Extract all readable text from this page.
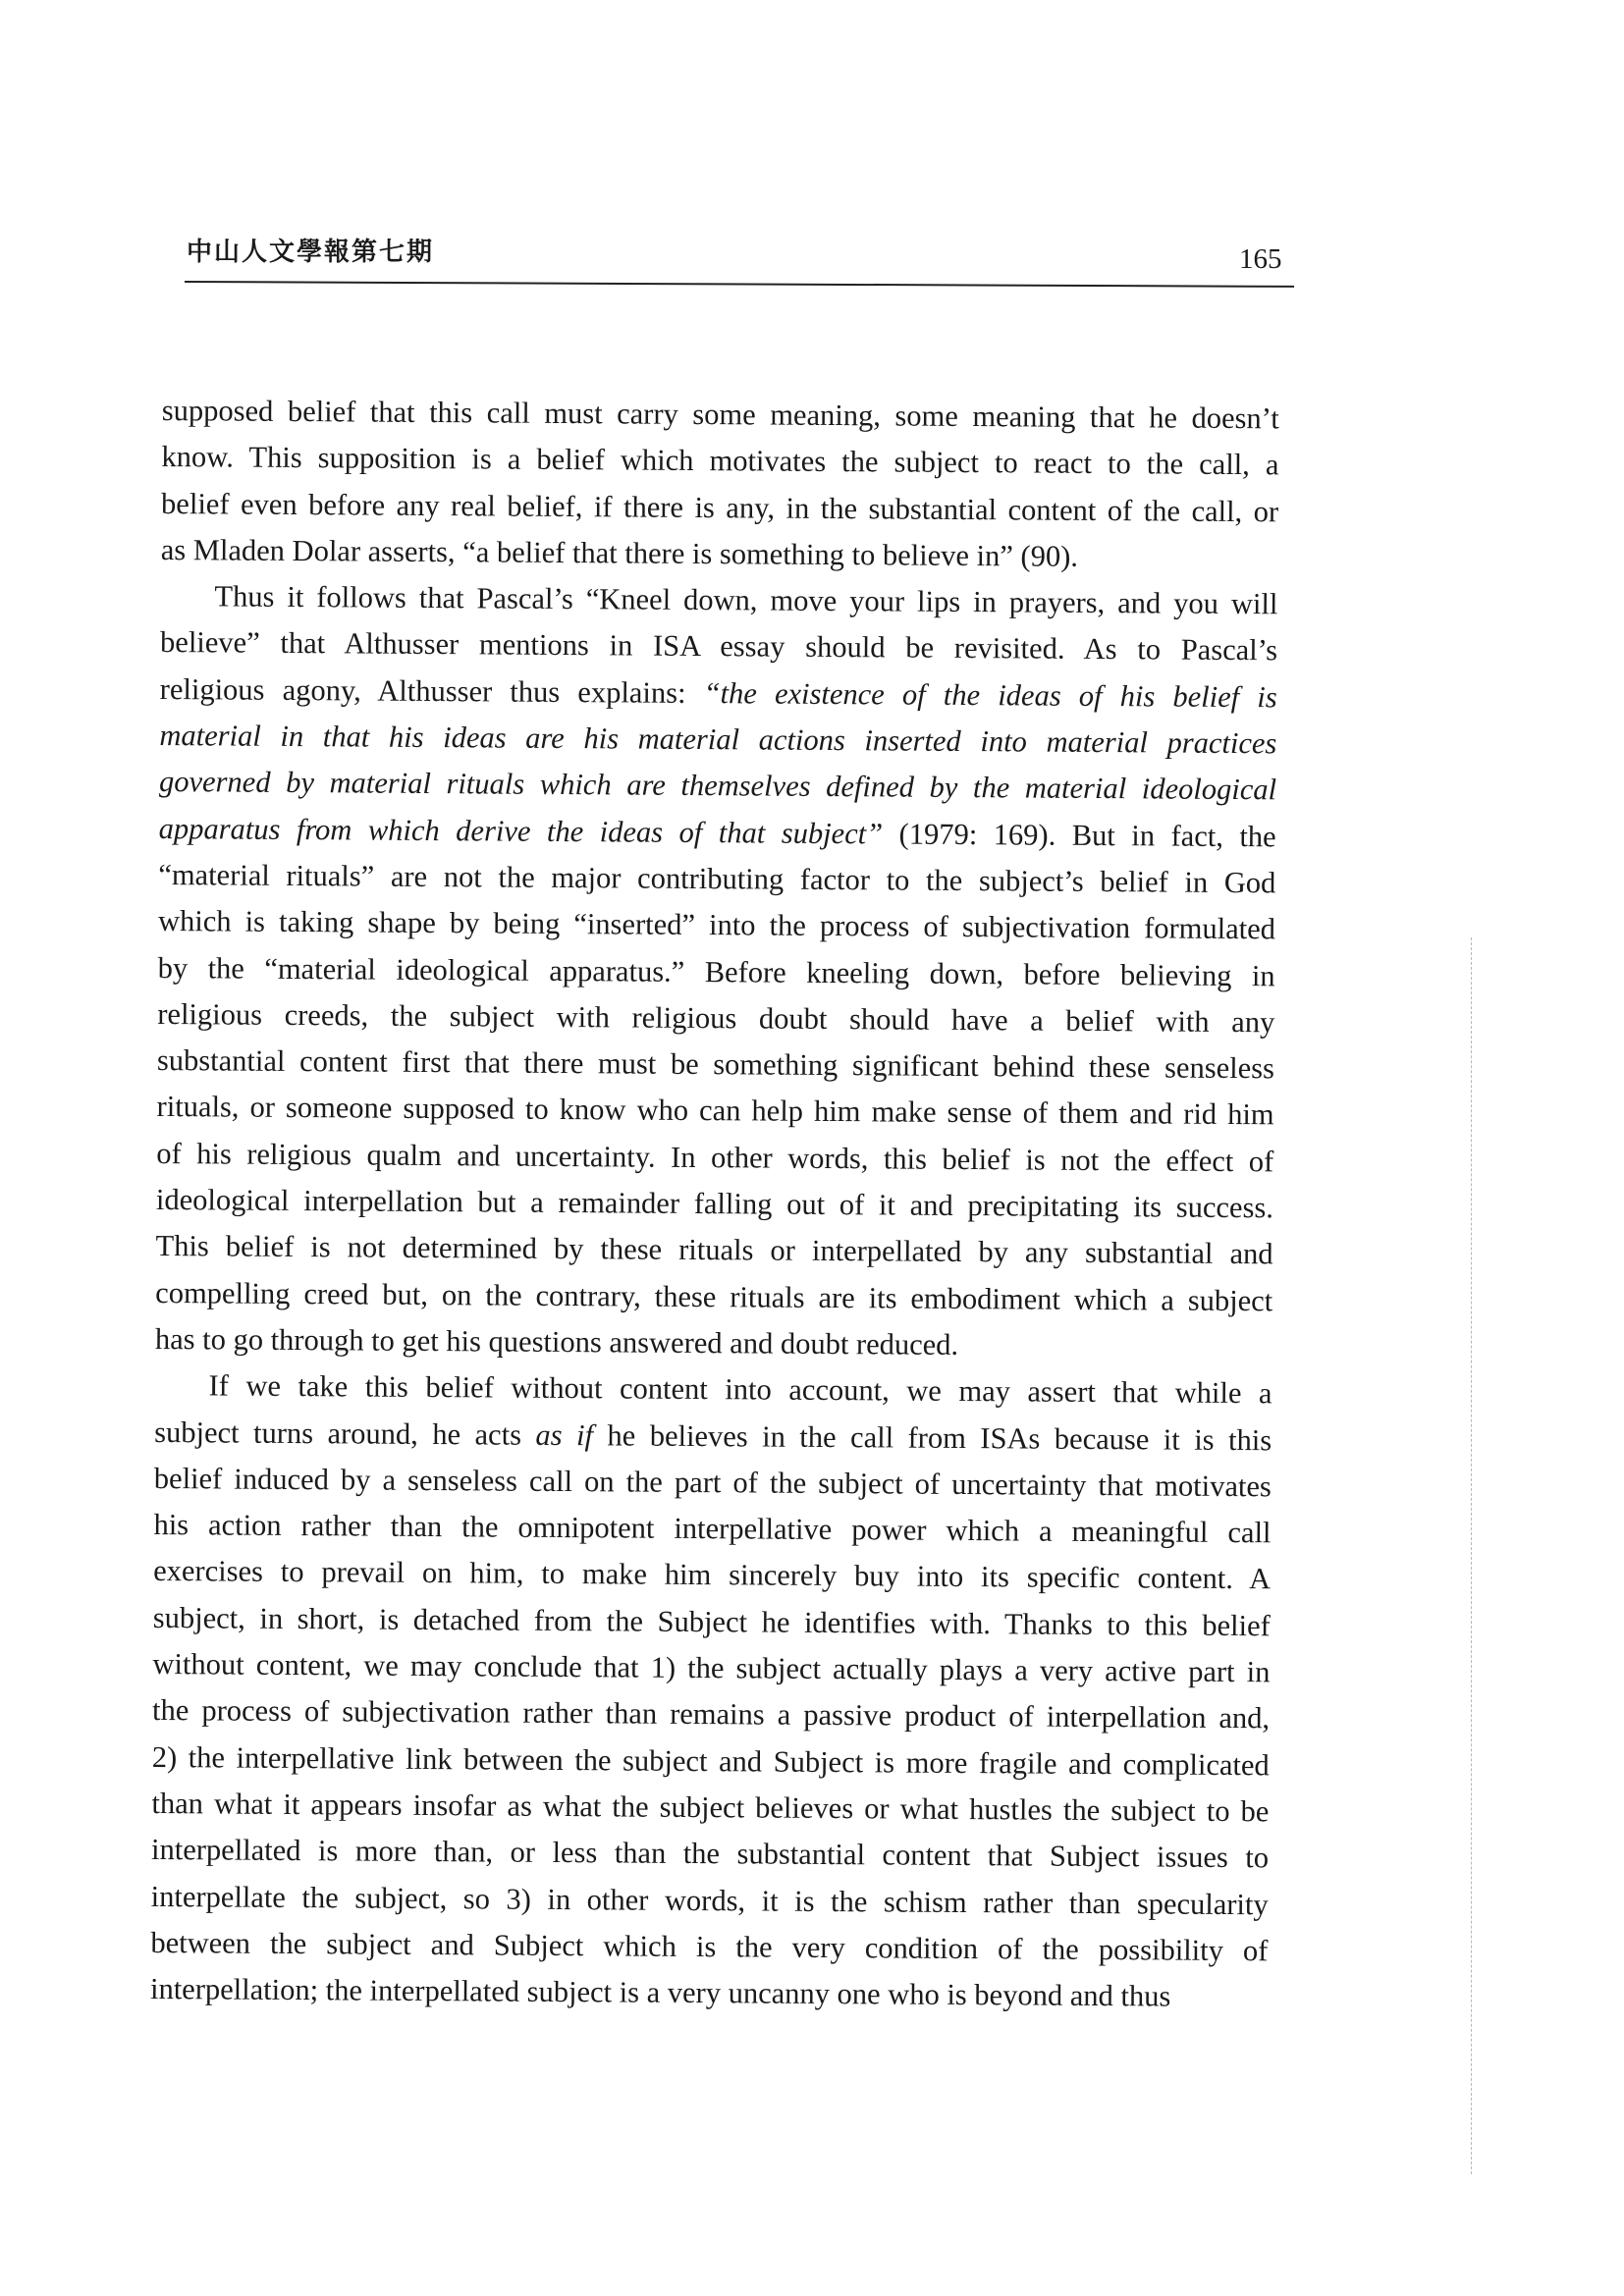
中山人文學報第七期	165
supposed belief that this call must carry some meaning, some meaning that he doesn’t
know. This supposition is a belief which motivates the subject to react to the call, a
belief even before any real belief, if there is any, in the substantial content of the call, or
as Mladen Dolar asserts, “a belief that there is something to believe in” (90).
Thus it follows that Pascal’s “Kneel down, move your lips in prayers, and you will
believe” that Althusser mentions in ISA essay should be revisited. As to Pascal’s
religious agony, Althusser thus explains: “the existence of the ideas of his belief is
material in that his ideas are his material actions inserted into material practices
governed by material rituals which are themselves defined by the material ideological
apparatus from which derive the ideas of that subject” (1979: 169). But in fact, the
“material rituals” are not the major contributing factor to the subject’s belief in God
which is taking shape by being “inserted” into the process of subjectivation formulated
by the “material ideological apparatus.” Before kneeling down, before believing in
religious creeds, the subject with religious doubt should have a belief with any
substantial content first that there must be something significant behind these senseless
rituals, or someone supposed to know who can help him make sense of them and rid him
of his religious qualm and uncertainty. In other words, this belief is not the effect of
ideological interpellation but a remainder falling out of it and precipitating its success.
This belief is not determined by these rituals or interpellated by any substantial and
compelling creed but, on the contrary, these rituals are its embodiment which a subject
has to go through to get his questions answered and doubt reduced.
If we take this belief without content into account, we may assert that while a
subject turns around, he acts as if he believes in the call from ISAs because it is this
belief induced by a senseless call on the part of the subject of uncertainty that motivates
his action rather than the omnipotent interpellative power which a meaningful call
exercises to prevail on him, to make him sincerely buy into its specific content. A
subject, in short, is detached from the Subject he identifies with. Thanks to this belief
without content, we may conclude that 1) the subject actually plays a very active part in
the process of subjectivation rather than remains a passive product of interpellation and,
2) the interpellative link between the subject and Subject is more fragile and complicated
than what it appears insofar as what the subject believes or what hustles the subject to be
interpellated is more than, or less than the substantial content that Subject issues to
interpellate the subject, so 3) in other words, it is the schism rather than specularity
between the subject and Subject which is the very condition of the possibility of
interpellation; the interpellated subject is a very uncanny one who is beyond and thus
